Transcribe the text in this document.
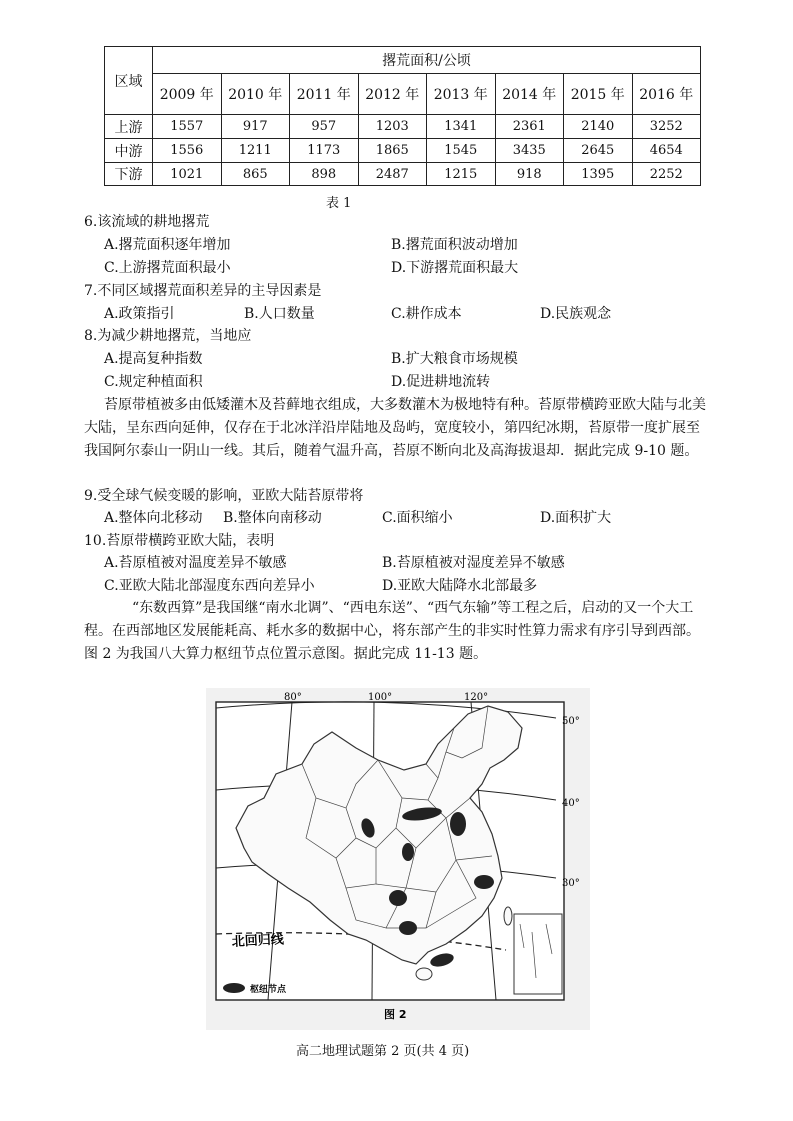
区域	撂荒面积/公顷							
	2009 年	2010 年	2011 年	2012 年	2013 年	2014 年	2015 年	2016 年
上游	1557	917	957	1203	1341	2361	2140	3252
中游	1556	1211	1173	1865	1545	3435	2645	4654
下游	1021	865	898	2487	1215	918	1395	2252
表 1
6.该流域的耕地撂荒
A.撂荒面积逐年增加	B.撂荒面积波动增加
C.上游撂荒面积最小	D.下游撂荒面积最大
7.不同区域撂荒面积差异的主导因素是
A.政策指引	B.人口数量	C.耕作成本	D.民族观念
8.为减少耕地撂荒，当地应
A.提高复种指数	B.扩大粮食市场规模
C.规定种植面积	D.促进耕地流转
苔原带植被多由低矮灌木及苔藓地衣组成，大多数灌木为极地特有种。苔原带横跨亚欧大陆与北美大陆，呈东西向延伸，仅存在于北冰洋沿岸陆地及岛屿，宽度较小，第四纪冰期，苔原带一度扩展至我国阿尔泰山一阴山一线。其后，随着气温升高，苔原不断向北及高海拔退却．据此完成 9-10 题。
9.受全球气候变暖的影响，亚欧大陆苔原带将
A.整体向北移动 B.整体向南移动	C.面积缩小	D.面积扩大
10.苔原带横跨亚欧大陆，表明
A.苔原植被对温度差异不敏感	B.苔原植被对湿度差异不敏感
C.亚欧大陆北部湿度东西向差异小	D.亚欧大陆降水北部最多
“东数西算”是我国继“南水北调”、“西电东送”、“西气东输”等工程之后，启动的又一个大工程。在西部地区发展能耗高、耗水多的数据中心，将东部产生的非实时性算力需求有序引导到西部。图 2 为我国八大算力枢纽节点位置示意图。据此完成 11-13 题。
80°	100°	120°
50°
40°
30°
北回归线
枢纽节点
图 2
高二地理试题第 2 页(共 4 页)
